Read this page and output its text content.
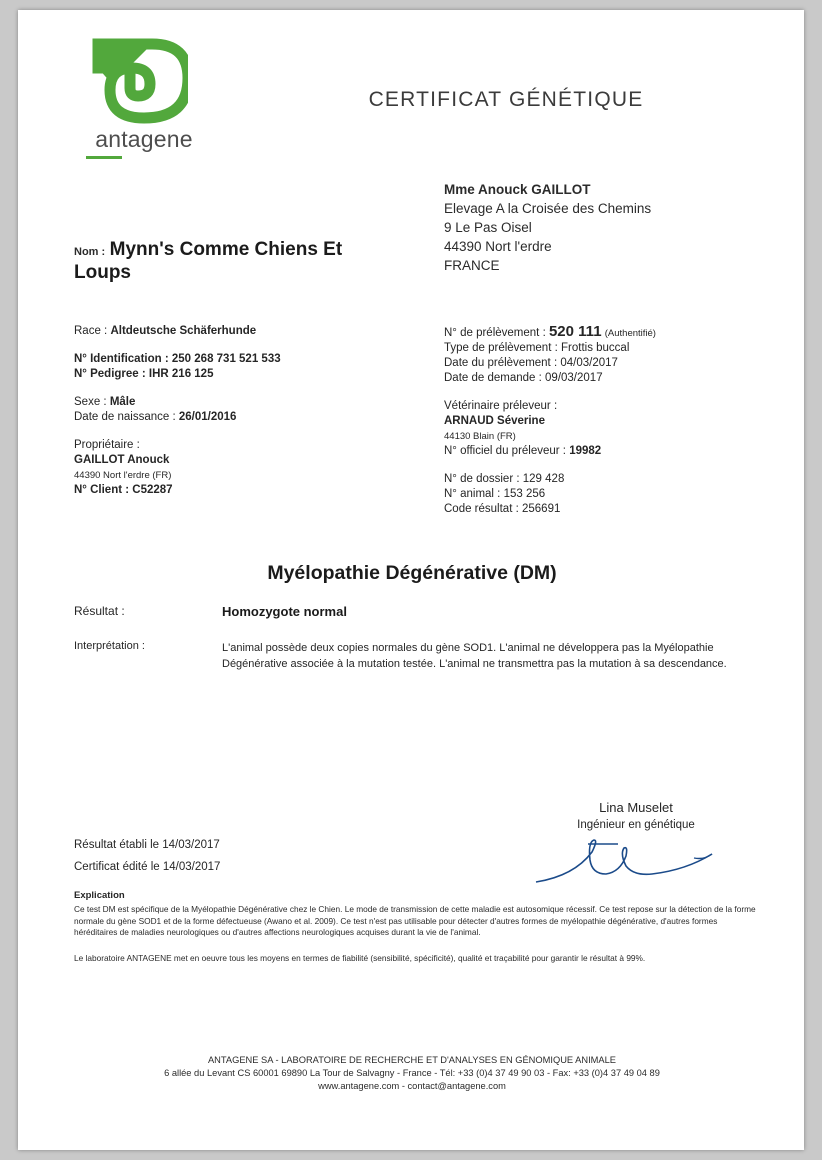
antagene
CERTIFICAT GÉNÉTIQUE
Mme Anouck GAILLOT
Elevage A la Croisée des Chemins
9 Le Pas Oisel
44390 Nort l'erdre
FRANCE
Nom : Mynn's Comme Chiens Et Loups
Race : Altdeutsche Schäferhunde
N° Identification : 250 268 731 521 533
N° Pedigree : IHR 216 125
Sexe : Mâle
Date de naissance : 26/01/2016
Propriétaire :
GAILLOT Anouck
44390 Nort l'erdre (FR)
N° Client : C52287
N° de prélèvement : 520 111 (Authentifié)
Type de prélèvement : Frottis buccal
Date du prélèvement : 04/03/2017
Date de demande : 09/03/2017
Vétérinaire préleveur :
ARNAUD Séverine
44130 Blain (FR)
N° officiel du préleveur : 19982
N° de dossier : 129 428
N° animal : 153 256
Code résultat : 256691
Myélopathie Dégénérative (DM)
Résultat :	Homozygote normal
Interprétation :	L'animal possède deux copies normales du gène SOD1. L'animal ne développera pas la Myélopathie Dégénérative associée à la mutation testée. L'animal ne transmettra pas la mutation à sa descendance.
Lina Muselet
Ingénieur en génétique
Résultat établi le 14/03/2017
Certificat édité le 14/03/2017
Explication
Ce test DM est spécifique de la Myélopathie Dégénérative chez le Chien. Le mode de transmission de cette maladie est autosomique récessif. Ce test repose sur la détection de la forme normale du gène SOD1 et de la forme défectueuse (Awano et al. 2009). Ce test n'est pas utilisable pour détecter d'autres formes de myélopathie dégénérative, d'autres formes héréditaires de maladies neurologiques ou d'autres affections neurologiques acquises durant la vie de l'animal.
Le laboratoire ANTAGENE met en oeuvre tous les moyens en termes de fiabilité (sensibilité, spécificité), qualité et traçabilité pour garantir le résultat à 99%.
ANTAGENE SA - LABORATOIRE DE RECHERCHE ET D'ANALYSES EN GÉNOMIQUE ANIMALE
6 allée du Levant CS 60001 69890 La Tour de Salvagny - France - Tél: +33 (0)4 37 49 90 03 - Fax: +33 (0)4 37 49 04 89
www.antagene.com - contact@antagene.com
